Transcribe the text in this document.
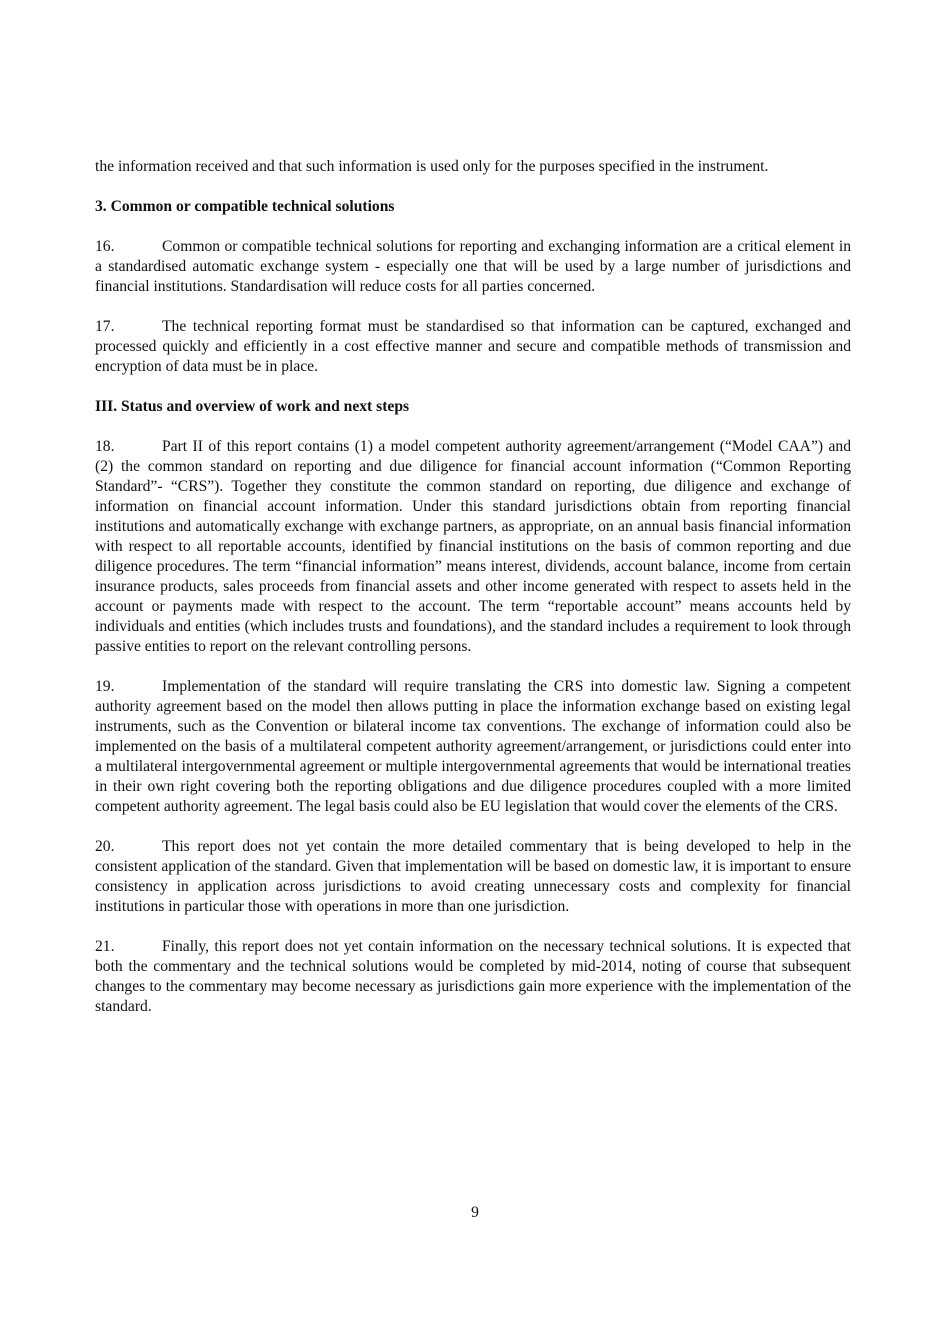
the information received and that such information is used only for the purposes specified in the instrument.

3. Common or compatible technical solutions

16.	Common or compatible technical solutions for reporting and exchanging information are a critical element in a standardised automatic exchange system - especially one that will be used by a large number of jurisdictions and financial institutions. Standardisation will reduce costs for all parties concerned.

17.	The technical reporting format must be standardised so that information can be captured, exchanged and processed quickly and efficiently in a cost effective manner and secure and compatible methods of transmission and encryption of data must be in place.

III. Status and overview of work and next steps

18.	Part II of this report contains (1) a model competent authority agreement/arrangement (“Model CAA”) and (2) the common standard on reporting and due diligence for financial account information (“Common Reporting Standard”- “CRS”). Together they constitute the common standard on reporting, due diligence and exchange of information on financial account information. Under this standard jurisdictions obtain from reporting financial institutions and automatically exchange with exchange partners, as appropriate, on an annual basis financial information with respect to all reportable accounts, identified by financial institutions on the basis of common reporting and due diligence procedures. The term “financial information” means interest, dividends, account balance, income from certain insurance products, sales proceeds from financial assets and other income generated with respect to assets held in the account or payments made with respect to the account. The term “reportable account” means accounts held by individuals and entities (which includes trusts and foundations), and the standard includes a requirement to look through passive entities to report on the relevant controlling persons.

19.	Implementation of the standard will require translating the CRS into domestic law. Signing a competent authority agreement based on the model then allows putting in place the information exchange based on existing legal instruments, such as the Convention or bilateral income tax conventions. The exchange of information could also be implemented on the basis of a multilateral competent authority agreement/arrangement, or jurisdictions could enter into a multilateral intergovernmental agreement or multiple intergovernmental agreements that would be international treaties in their own right covering both the reporting obligations and due diligence procedures coupled with a more limited competent authority agreement. The legal basis could also be EU legislation that would cover the elements of the CRS.

20.	This report does not yet contain the more detailed commentary that is being developed to help in the consistent application of the standard. Given that implementation will be based on domestic law, it is important to ensure consistency in application across jurisdictions to avoid creating unnecessary costs and complexity for financial institutions in particular those with operations in more than one jurisdiction.

21.	Finally, this report does not yet contain information on the necessary technical solutions. It is expected that both the commentary and the technical solutions would be completed by mid-2014, noting of course that subsequent changes to the commentary may become necessary as jurisdictions gain more experience with the implementation of the standard.

9
